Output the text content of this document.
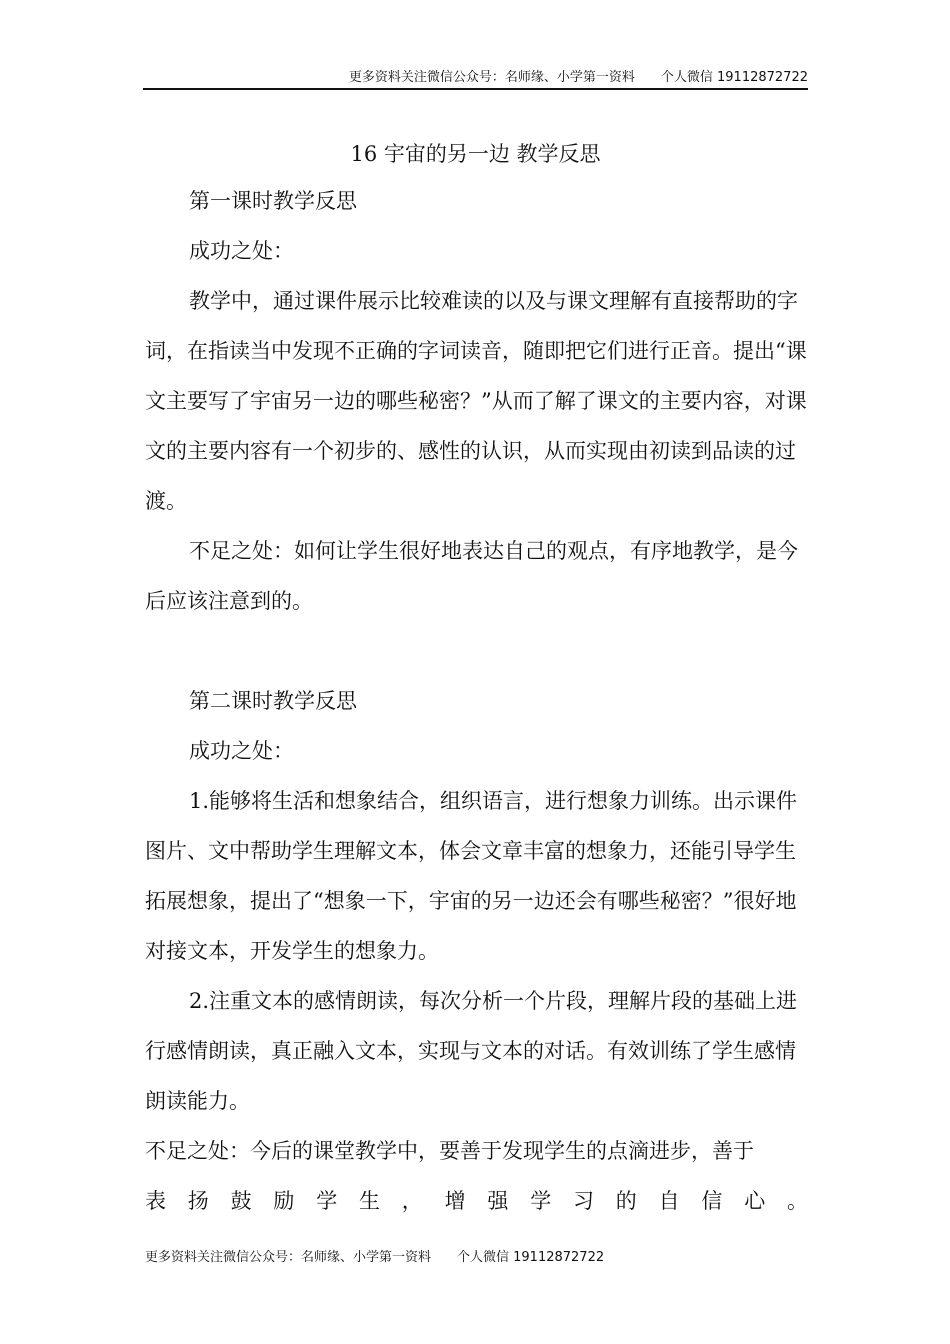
更多资料关注微信公众号：名师缘、小学第一资料　　个人微信 19112872722
16 宇宙的另一边 教学反思

第一课时教学反思

成功之处：

教学中，通过课件展示比较难读的以及与课文理解有直接帮助的字词，在指读当中发现不正确的字词读音，随即把它们进行正音。提出“课文主要写了宇宙另一边的哪些秘密？”从而了解了课文的主要内容，对课文的主要内容有一个初步的、感性的认识，从而实现由初读到品读的过渡。

不足之处：如何让学生很好地表达自己的观点，有序地教学，是今后应该注意到的。

第二课时教学反思

成功之处：

1.能够将生活和想象结合，组织语言，进行想象力训练。出示课件图片、文中帮助学生理解文本，体会文章丰富的想象力，还能引导学生拓展想象，提出了“想象一下，宇宙的另一边还会有哪些秘密？”很好地对接文本，开发学生的想象力。

2.注重文本的感情朗读，每次分析一个片段，理解片段的基础上进行感情朗读，真正融入文本，实现与文本的对话。有效训练了学生感情朗读能力。

不足之处：今后的课堂教学中，要善于发现学生的点滴进步，善于

表扬鼓励学生，增强学习的自信心。

更多资料关注微信公众号：名师缘、小学第一资料　　个人微信 19112872722
